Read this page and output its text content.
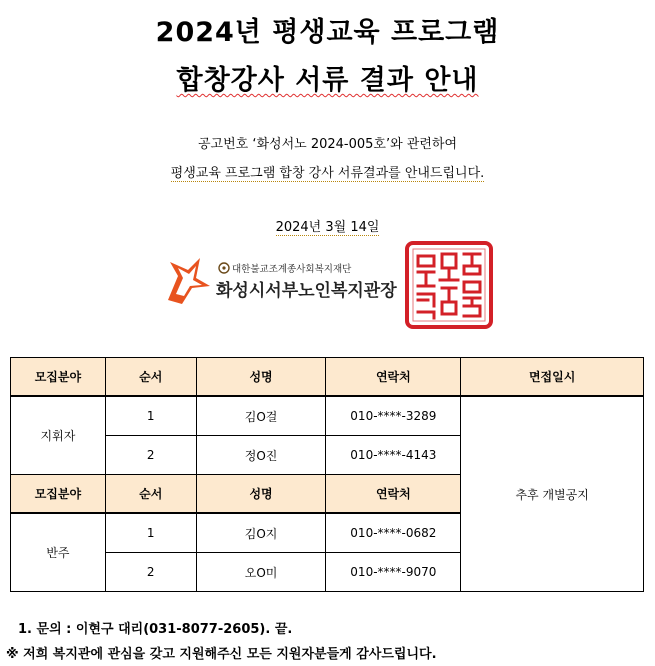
2024년 평생교육 프로그램
합창강사 서류 결과 안내
공고번호 ‘화성서노 2024-005호’와 관련하여
평생교육 프로그램 합창 강사 서류결과를 안내드립니다.
2024년 3월 14일
대한불교조계종사회복지재단
화성시서부노인복지관장
모집분야	순서	성명	연락처	면접일시
지휘자	1	김O걸	010-****-3289	추후 개별공지
	2	정O진	010-****-4143	
모집분야	순서	성명	연락처	
반주	1	김O지	010-****-0682	
	2	오O미	010-****-9070	
1. 문의 : 이현구 대리(031-8077-2605). 끝.
※ 저희 복지관에 관심을 갖고 지원해주신 모든 지원자분들게 감사드립니다.
